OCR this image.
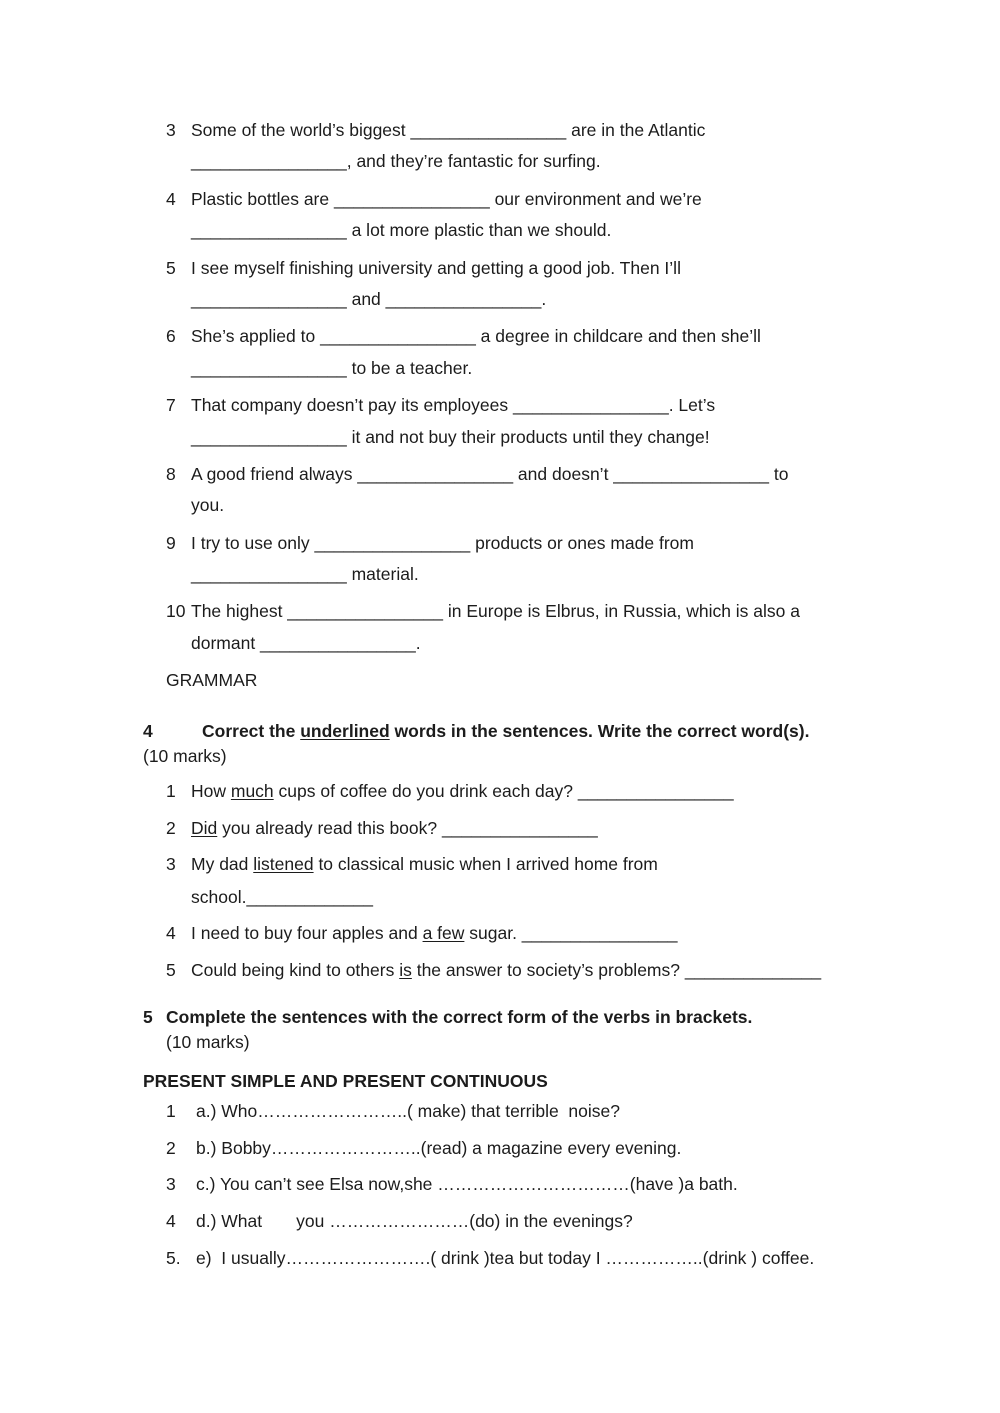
3 Some of the world’s biggest ________________ are in the Atlantic
________________, and they’re fantastic for surfing.
4 Plastic bottles are ________________ our environment and we’re
________________ a lot more plastic than we should.
5 I see myself finishing university and getting a good job. Then I’ll
________________ and ________________.
6 She’s applied to ________________ a degree in childcare and then she’ll
________________ to be a teacher.
7 That company doesn’t pay its employees ________________. Let’s
________________ it and not buy their products until they change!
8 A good friend always ________________ and doesn’t ________________ to
you.
9 I try to use only ________________ products or ones made from
________________ material.
10 The highest ________________ in Europe is Elbrus, in Russia, which is also a
dormant ________________.
GRAMMAR
4	Correct the underlined words in the sentences. Write the correct word(s).
(10 marks)
1 How much cups of coffee do you drink each day? ________________
2 Did you already read this book? ________________
3 My dad listened to classical music when I arrived home from
school._____________
4 I need to buy four apples and a few sugar. ________________
5 Could being kind to others is the answer to society’s problems? ______________
5 Complete the sentences with the correct form of the verbs in brackets.
(10 marks)
PRESENT SIMPLE AND PRESENT CONTINUOUS
1 a.) Who……………………..( make) that terrible  noise?
2 b.) Bobby……………………..(read) a magazine every evening.
3 c.) You can’t see Elsa now,she ……………………………(have )a bath.
4 d.) What       you ……………………(do) in the evenings?
5. e)  I usually…………………….( drink )tea but today I ……………..(drink ) coffee.
